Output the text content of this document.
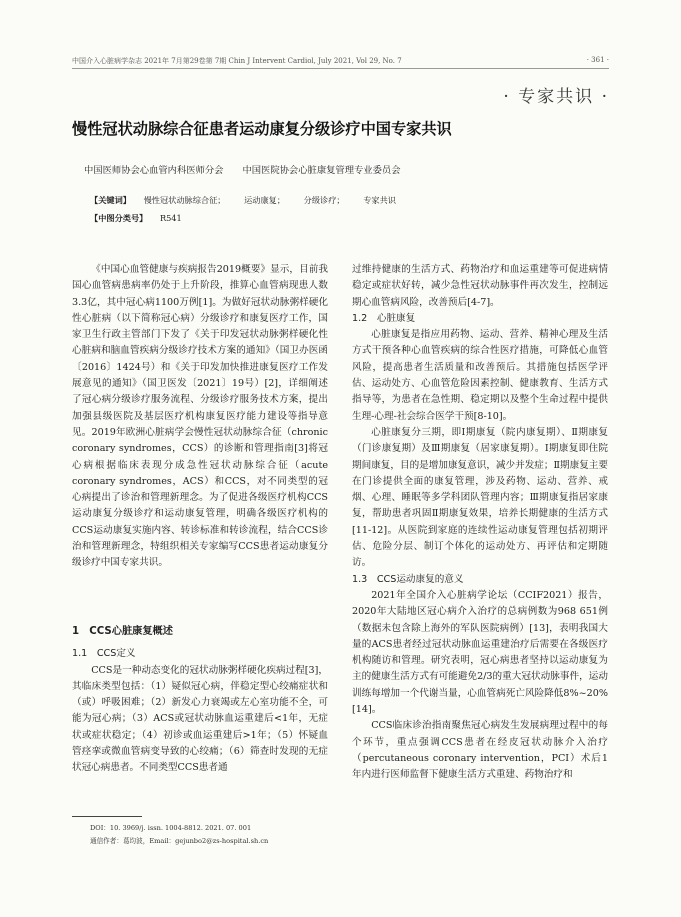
中国介入心脏病学杂志 2021年 7月第29卷第 7期 Chin J Intervent Cardiol, July 2021, Vol 29, No. 7	· 361 ·
· 专家共识 ·
慢性冠状动脉综合征患者运动康复分级诊疗中国专家共识
中国医师协会心血管内科医师分会 中国医院协会心脏康复管理专业委员会
【关键词】 慢性冠状动脉综合征； 运动康复； 分级诊疗； 专家共识
【中图分类号】 R541

《中国心血管健康与疾病报告2019概要》显示，目前我国心血管病患病率仍处于上升阶段，推算心血管病现患人数3.3亿，其中冠心病1100万例[1]。为做好冠状动脉粥样硬化性心脏病（以下简称冠心病）分级诊疗和康复医疗工作，国家卫生行政主管部门下发了《关于印发冠状动脉粥样硬化性心脏病和脑血管疾病分级诊疗技术方案的通知》（国卫办医函〔2016〕1424号）和《关于印发加快推进康复医疗工作发展意见的通知》（国卫医发〔2021〕19号）[2]，详细阐述了冠心病分级诊疗服务流程、分级诊疗服务技术方案，提出加强县级医院及基层医疗机构康复医疗能力建设等指导意见。2019年欧洲心脏病学会慢性冠状动脉综合征（chronic coronary syndromes，CCS）的诊断和管理指南[3]将冠心病根据临床表现分成急性冠状动脉综合征（acute coronary syndromes，ACS）和CCS，对不同类型的冠心病提出了诊治和管理新理念。为了促进各级医疗机构CCS运动康复分级诊疗和运动康复管理，明确各级医疗机构的CCS运动康复实施内容、转诊标准和转诊流程，结合CCS诊治和管理新理念，特组织相关专家编写CCS患者运动康复分级诊疗中国专家共识。

1　CCS心脏康复概述
1.1　CCS定义

CCS是一种动态变化的冠状动脉粥样硬化疾病过程[3]，其临床类型包括：（1）疑似冠心病，伴稳定型心绞痛症状和（或）呼吸困难；（2）新发心力衰竭或左心室功能不全，可能为冠心病；（3）ACS或冠状动脉血运重建后<1年，无症状或症状稳定；（4）初诊或血运重建后>1年；（5）怀疑血管痉挛或微血管病变导致的心绞痛；（6）筛查时发现的无症状冠心病患者。不同类型CCS患者通

过维持健康的生活方式、药物治疗和血运重建等可促进病情稳定或症状好转，减少急性冠状动脉事件再次发生，控制远期心血管病风险，改善预后[4-7]。

1.2　心脏康复

心脏康复是指应用药物、运动、营养、精神心理及生活方式干预各种心血管疾病的综合性医疗措施，可降低心血管风险，提高患者生活质量和改善预后。其措施包括医学评估、运动处方、心血管危险因素控制、健康教育、生活方式指导等，为患者在急性期、稳定期以及整个生命过程中提供生理-心理-社会综合医学干预[8-10]。

心脏康复分三期，即Ⅰ期康复（院内康复期）、Ⅱ期康复（门诊康复期）及Ⅲ期康复（居家康复期）。Ⅰ期康复即住院期间康复，目的是增加康复意识，减少并发症；Ⅱ期康复主要在门诊提供全面的康复管理，涉及药物、运动、营养、戒烟、心理、睡眠等多学科团队管理内容；Ⅲ期康复指居家康复，帮助患者巩固Ⅱ期康复效果，培养长期健康的生活方式[11-12]。从医院到家庭的连续性运动康复管理包括初期评估、危险分层、制订个体化的运动处方、再评估和定期随访。

1.3　CCS运动康复的意义

2021年全国介入心脏病学论坛（CCIF2021）报告，2020年大陆地区冠心病介入治疗的总病例数为968 651例（数据未包含除上海外的军队医院病例）[13]，表明我国大量的ACS患者经过冠状动脉血运重建治疗后需要在各级医疗机构随访和管理。研究表明，冠心病患者坚持以运动康复为主的健康生活方式有可能避免2/3的重大冠状动脉事件，运动训练每增加一个代谢当量，心血管病死亡风险降低8%~20%[14]。

CCS临床诊治指南聚焦冠心病发生发展病理过程中的每个环节，重点强调CCS患者在经皮冠状动脉介入治疗（percutaneous coronary intervention，PCI）术后1年内进行医师监督下健康生活方式重建、药物治疗和

DOI：10. 3969/j. issn. 1004-8812. 2021. 07. 001
通信作者：葛均波，Email：gejunbo2@zs-hospital.sh.cn
